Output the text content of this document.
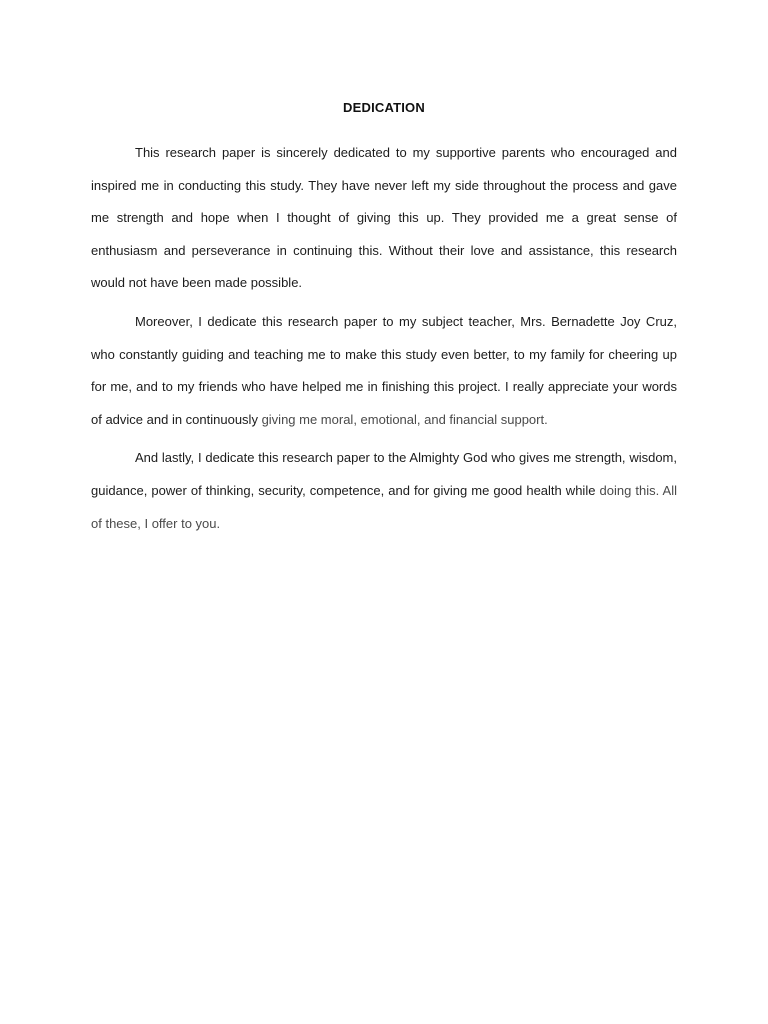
DEDICATION

This research paper is sincerely dedicated to my supportive parents who encouraged and inspired me in conducting this study. They have never left my side throughout the process and gave me strength and hope when I thought of giving this up. They provided me a great sense of enthusiasm and perseverance in continuing this. Without their love and assistance, this research would not have been made possible.

Moreover, I dedicate this research paper to my subject teacher, Mrs. Bernadette Joy Cruz, who constantly guiding and teaching me to make this study even better, to my family for cheering up for me, and to my friends who have helped me in finishing this project. I really appreciate your words of advice and in continuously giving me moral, emotional, and financial support.

And lastly, I dedicate this research paper to the Almighty God who gives me strength, wisdom, guidance, power of thinking, security, competence, and for giving me good health while doing this. All of these, I offer to you.
